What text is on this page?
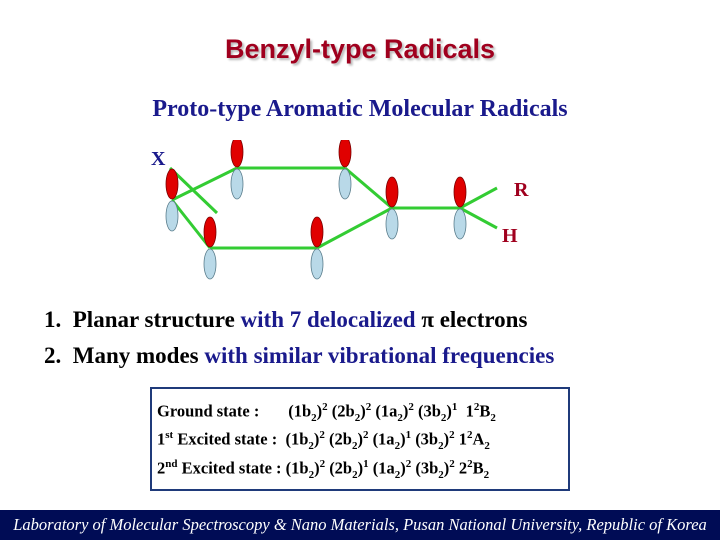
Benzyl-type Radicals
Proto-type Aromatic Molecular Radicals
X
R
H
1. Planar structure with 7 delocalized π electrons
2. Many modes with similar vibrational frequencies
Ground state : $(1b_2)^2$ $(2b_2)^2$ $(1a_2)^2$ $(3b_2)^1$ $1^2B_2$
1st Excited state :  $(1b_2)^2$ $(2b_2)^2$ $(1a_2)^1$ $(3b_2)^2$ $1^2A_2$
2nd Excited state : $(1b_2)^2$ $(2b_2)^1$ $(1a_2)^2$ $(3b_2)^2$ $2^2B_2$
Laboratory of Molecular Spectroscopy & Nano Materials, Pusan National University, Republic of Korea
